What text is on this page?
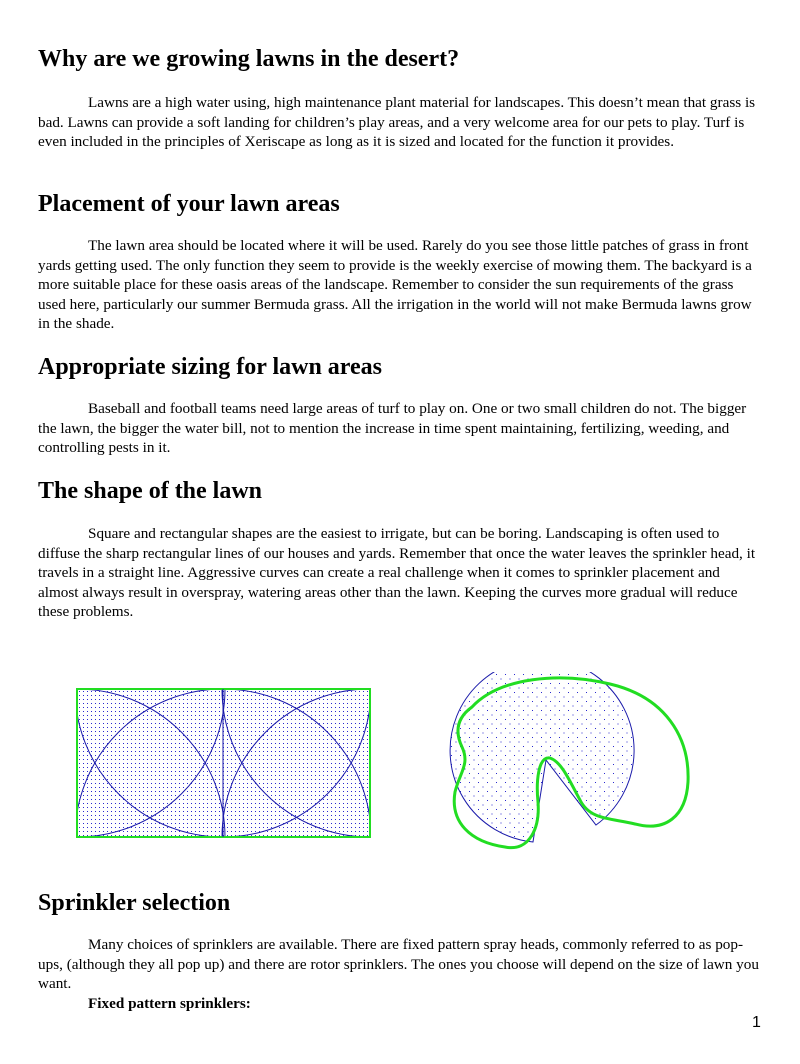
Why are we growing lawns in the desert?

Lawns are a high water using, high maintenance plant material for landscapes. This doesn’t mean that grass is bad. Lawns can provide a soft landing for children’s play areas, and a very welcome area for our pets to play. Turf is even included in the principles of Xeriscape as long as it is sized and located for the function it provides.

Placement of your lawn areas

The lawn area should be located where it will be used. Rarely do you see those little patches of grass in front yards getting used. The only function they seem to provide is the weekly exercise of mowing them. The backyard is a more suitable place for these oasis areas of the landscape. Remember to consider the sun requirements of the grass used here, particularly our summer Bermuda grass. All the irrigation in the world will not make Bermuda lawns grow in the shade.

Appropriate sizing for lawn areas

Baseball and football teams need large areas of turf to play on. One or two small children do not. The bigger the lawn, the bigger the water bill, not to mention the increase in time spent maintaining, fertilizing, weeding, and controlling pests in it.

The shape of the lawn

Square and rectangular shapes are the easiest to irrigate, but can be boring. Landscaping is often used to diffuse the sharp rectangular lines of our houses and yards. Remember that once the water leaves the sprinkler head, it travels in a straight line. Aggressive curves can create a real challenge when it comes to sprinkler placement and almost always result in overspray, watering areas other than the lawn. Keeping the curves more gradual will reduce these problems.

Sprinkler selection

Many choices of sprinklers are available. There are fixed pattern spray heads, commonly referred to as pop-ups, (although they all pop up) and there are rotor sprinklers. The ones you choose will depend on the size of lawn you want.

Fixed pattern sprinklers:

1
